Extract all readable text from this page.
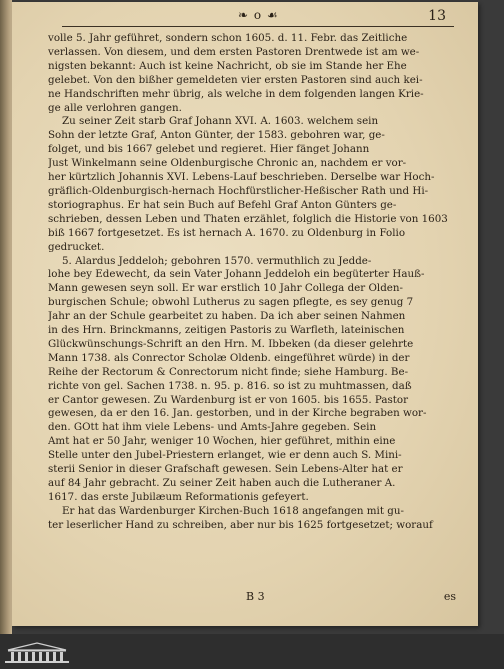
❧ o ☙	13
volle 5. Jahr geführet, sondern schon 1605. d. 11. Febr. das Zeitliche
verlassen. Von diesem, und dem ersten Pastoren Drentwede ist am we-
nigsten bekannt: Auch ist keine Nachricht, ob sie im Stande her Ehe
gelebet. Von den bißher gemeldeten vier ersten Pastoren sind auch kei-
ne Handschriften mehr übrig, als welche in dem folgenden langen Krie-
ge alle verlohren gangen.
Zu seiner Zeit starb Graf Johann XVI. A. 1603. welchem sein
Sohn der letzte Graf, Anton Günter, der 1583. gebohren war, ge-
folget, und bis 1667 gelebet und regieret. Hier fänget Johann
Just Winkelmann seine Oldenburgische Chronic an, nachdem er vor-
her kürtzlich Johannis XVI. Lebens-Lauf beschrieben. Derselbe war Hoch-
gräflich-Oldenburgisch-hernach Hochfürstlicher-Heßischer Rath und Hi-
storiographus. Er hat sein Buch auf Befehl Graf Anton Günters ge-
schrieben, dessen Leben und Thaten erzählet, folglich die Historie von 1603
biß 1667 fortgesetzet. Es ist hernach A. 1670. zu Oldenburg in Folio
gedrucket.
5. Alardus Jeddeloh; gebohren 1570. vermuthlich zu Jedde-
lohe bey Edewecht, da sein Vater Johann Jeddeloh ein begüterter Hauß-
Mann gewesen seyn soll. Er war erstlich 10 Jahr Collega der Olden-
burgischen Schule; obwohl Lutherus zu sagen pflegte, es sey genug 7
Jahr an der Schule gearbeitet zu haben. Da ich aber seinen Nahmen
in des Hrn. Brinckmanns, zeitigen Pastoris zu Warfleth, lateinischen
Glückwünschungs-Schrift an den Hrn. M. Ibbeken (da dieser gelehrte
Mann 1738. als Conrector Scholæ Oldenb. eingeführet würde) in der
Reihe der Rectorum & Conrectorum nicht finde; siehe Hamburg. Be-
richte von gel. Sachen 1738. n. 95. p. 816. so ist zu muhtmassen, daß
er Cantor gewesen. Zu Wardenburg ist er von 1605. bis 1655. Pastor
gewesen, da er den 16. Jan. gestorben, und in der Kirche begraben wor-
den. GOtt hat ihm viele Lebens- und Amts-Jahre gegeben. Sein
Amt hat er 50 Jahr, weniger 10 Wochen, hier geführet, mithin eine
Stelle unter den Jubel-Priestern erlanget, wie er denn auch S. Mini-
sterii Senior in dieser Grafschaft gewesen. Sein Lebens-Alter hat er
auf 84 Jahr gebracht. Zu seiner Zeit haben auch die Lutheraner A.
1617. das erste Jubilæum Reformationis gefeyert.
Er hat das Wardenburger Kirchen-Buch 1618 angefangen mit gu-
ter leserlicher Hand zu schreiben, aber nur bis 1625 fortgesetzet; worauf
B 3	es
